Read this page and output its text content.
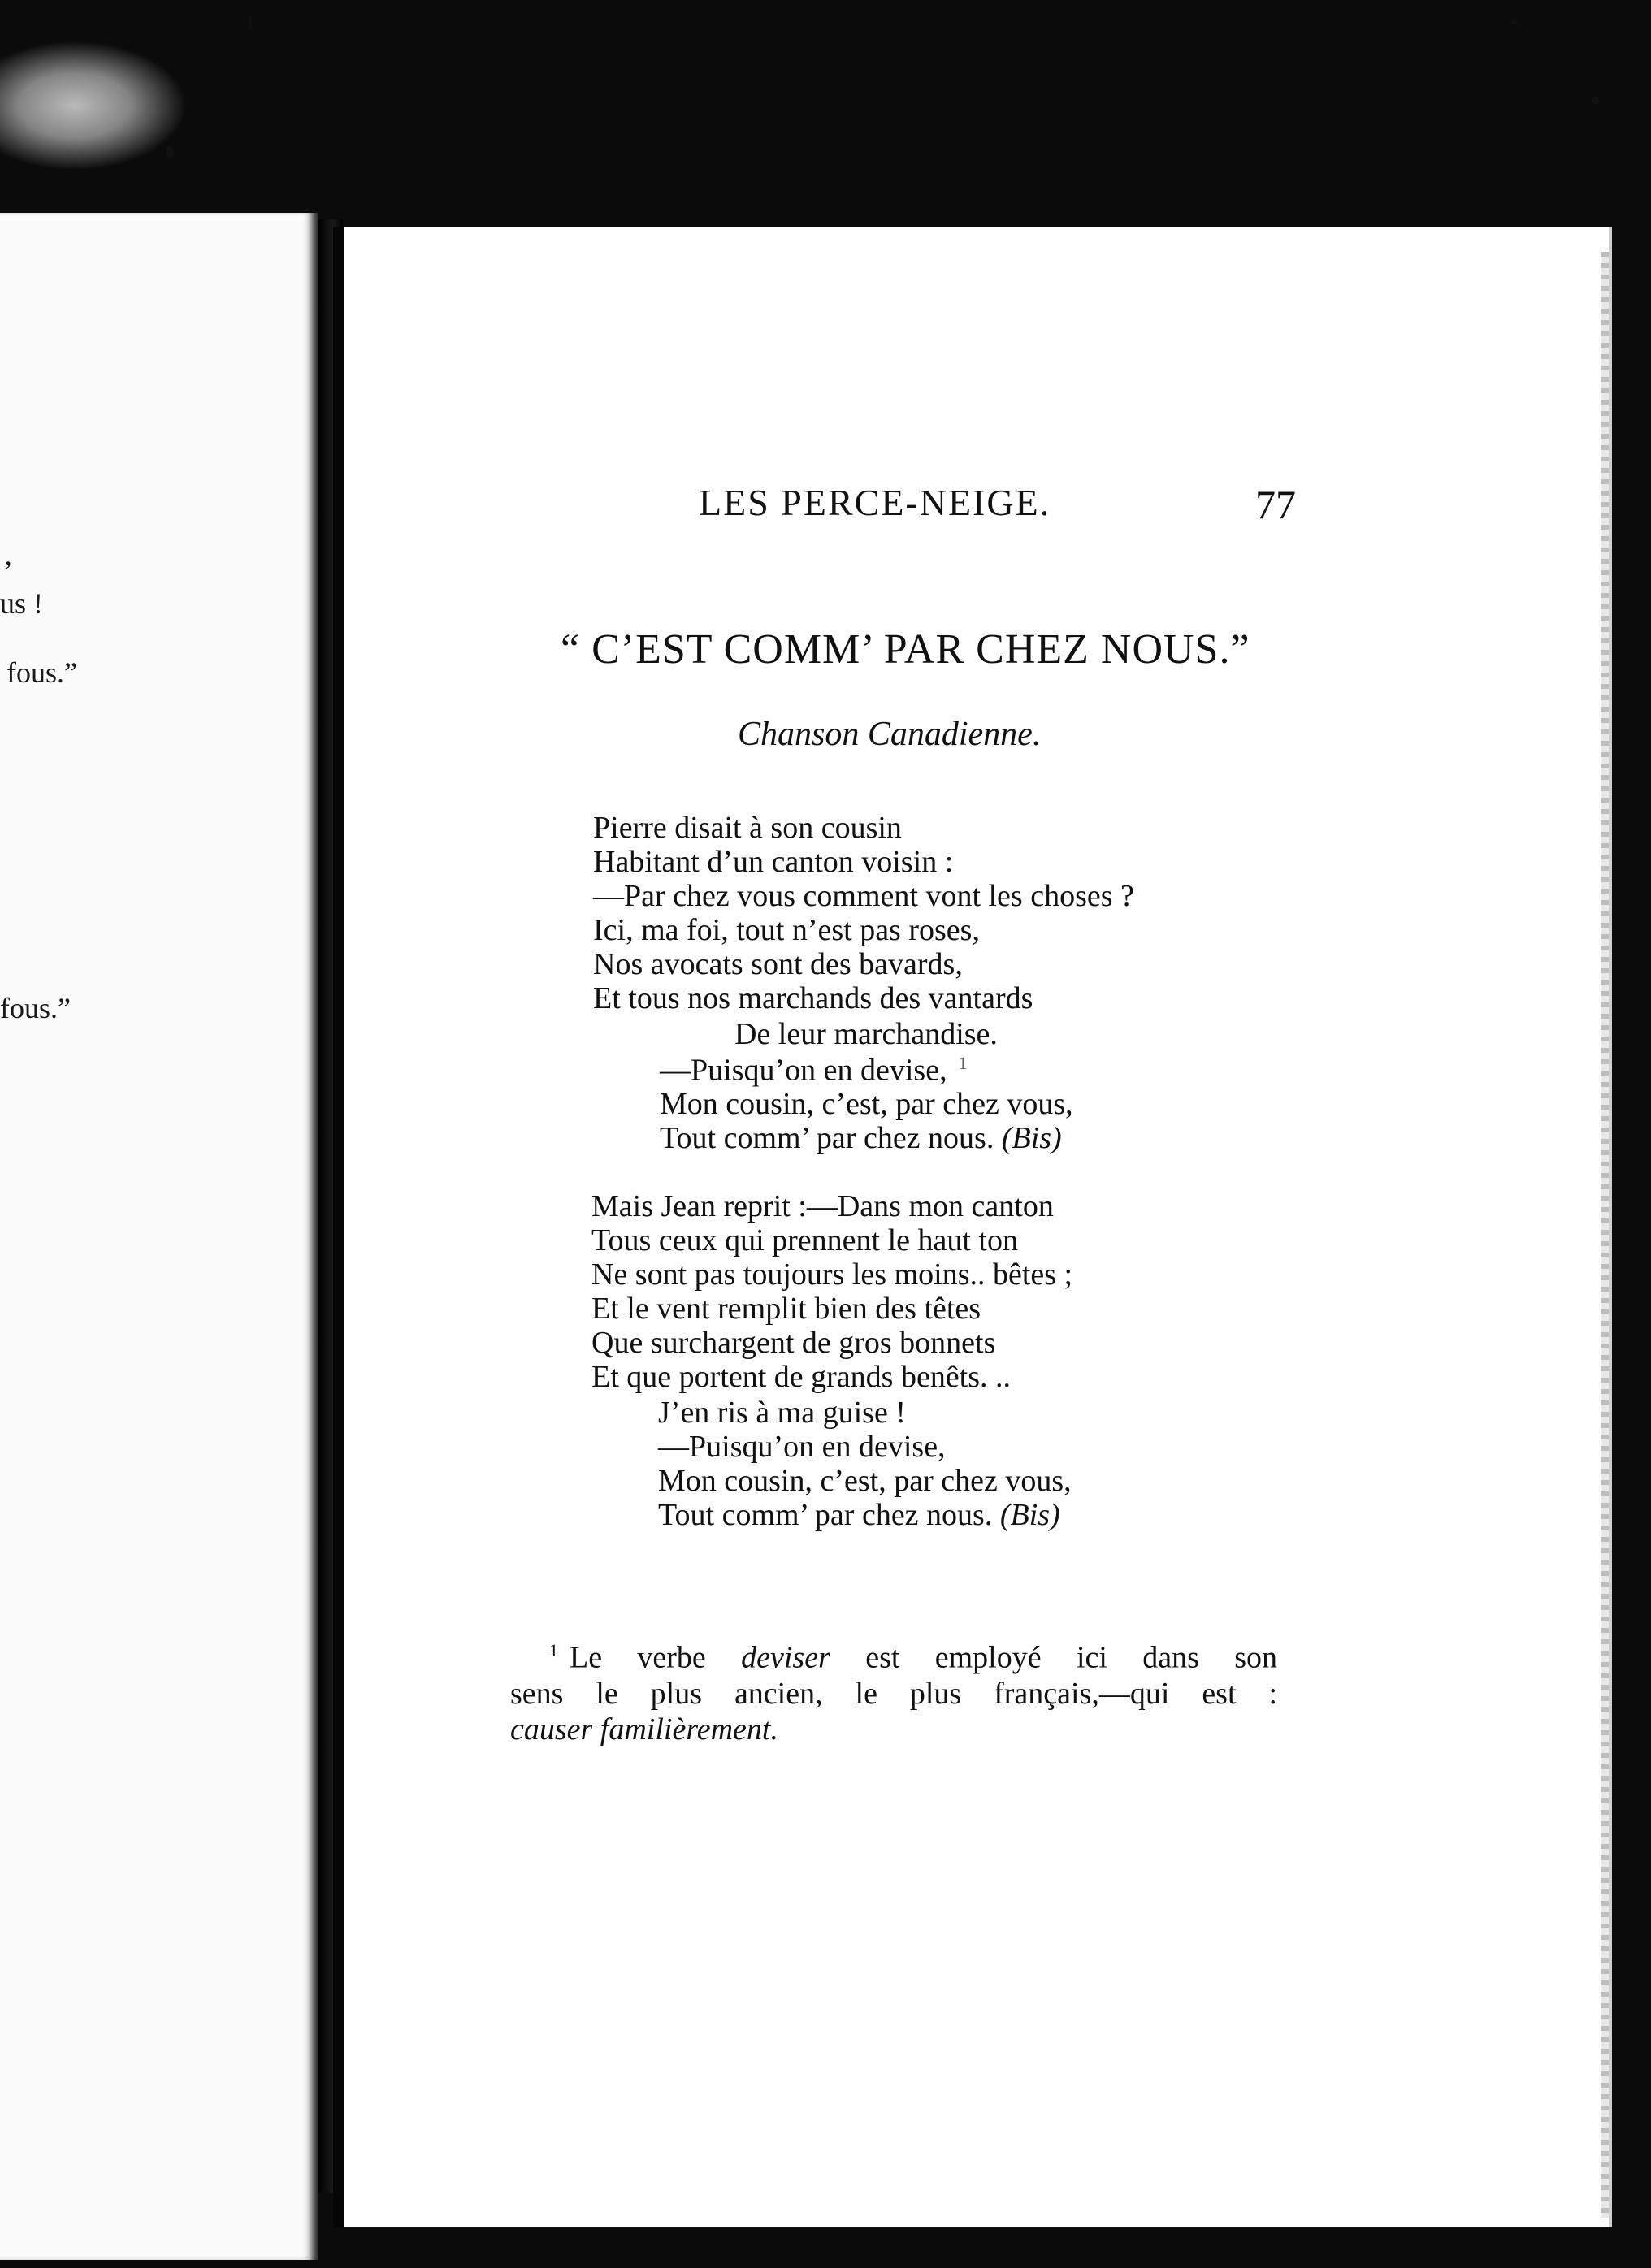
’
us !
fous.”
fous.”
LES PERCE-NEIGE.	77
“ C’EST COMM’ PAR CHEZ NOUS.”
Chanson Canadienne.
Pierre disait à son cousin
Habitant d’un canton voisin :
—Par chez vous comment vont les choses ?
Ici, ma foi, tout n’est pas roses,
Nos avocats sont des bavards,
Et tous nos marchands des vantards
De leur marchandise.
—Puisqu’on en devise, $^1$
Mon cousin, c’est, par chez vous,
Tout comm’ par chez nous. (Bis)
Mais Jean reprit :—Dans mon canton
Tous ceux qui prennent le haut ton
Ne sont pas toujours les moins.. bêtes ;
Et le vent remplit bien des têtes
Que surchargent de gros bonnets
Et que portent de grands benêts. ..
J’en ris à ma guise !
—Puisqu’on en devise,
Mon cousin, c’est, par chez vous,
Tout comm’ par chez nous. (Bis)
$^1$ Le verbe deviser est employé ici dans son
sens le plus ancien, le plus français,—qui est :
causer familièrement.
